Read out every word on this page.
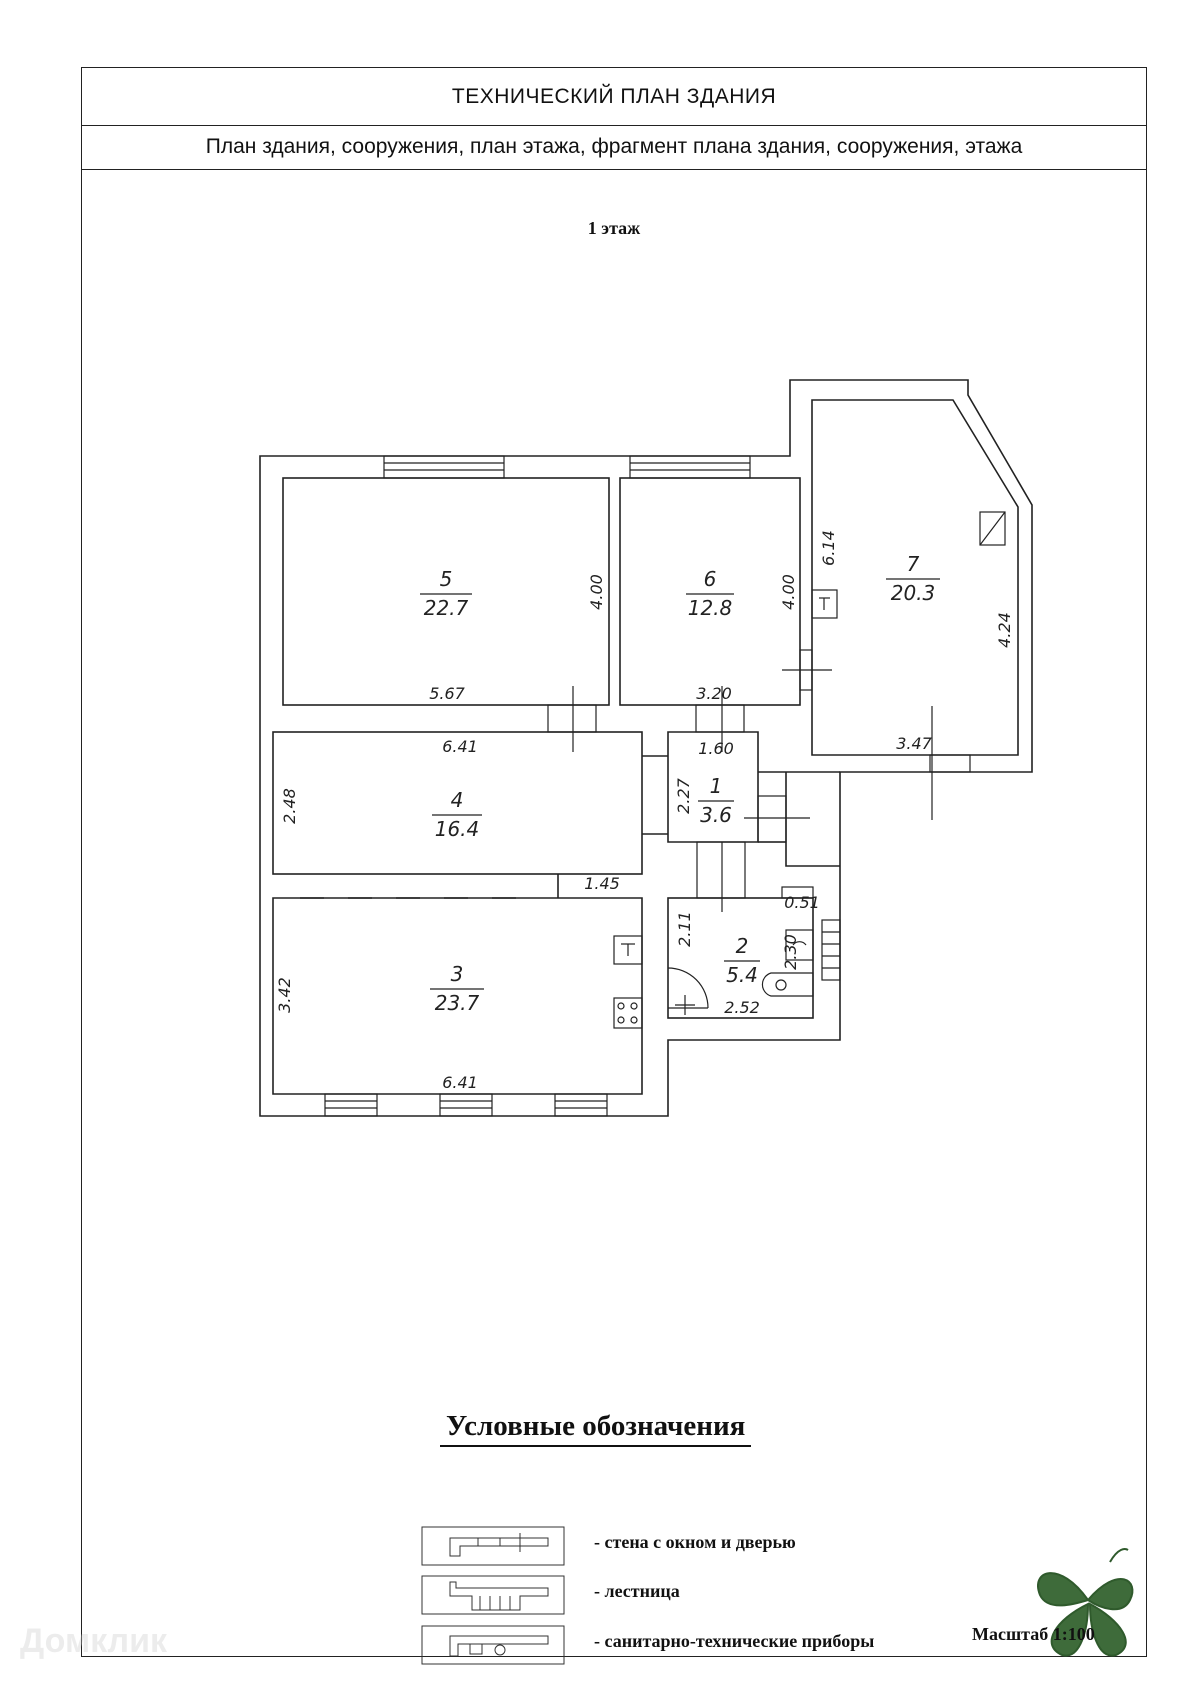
ТЕХНИЧЕСКИЙ ПЛАН ЗДАНИЯ
План здания, сооружения, план этажа, фрагмент плана здания, сооружения, этажа
1 этаж
22.7
5	6
12.8
7
20.3
4
16.4
1
3.6
2
5.4
3
23.7
5.67
4.00
3.20
4.00
6.14
4.24
3.47
6.41
2.48
1.45
1.60
2.27
2.11
2.30
2.52
0.51
3.42
6.41
Условные обозначения
- стена с окном и дверью
- лестница
- санитарно-технические приборы	Масштаб 1:100
Домклик
